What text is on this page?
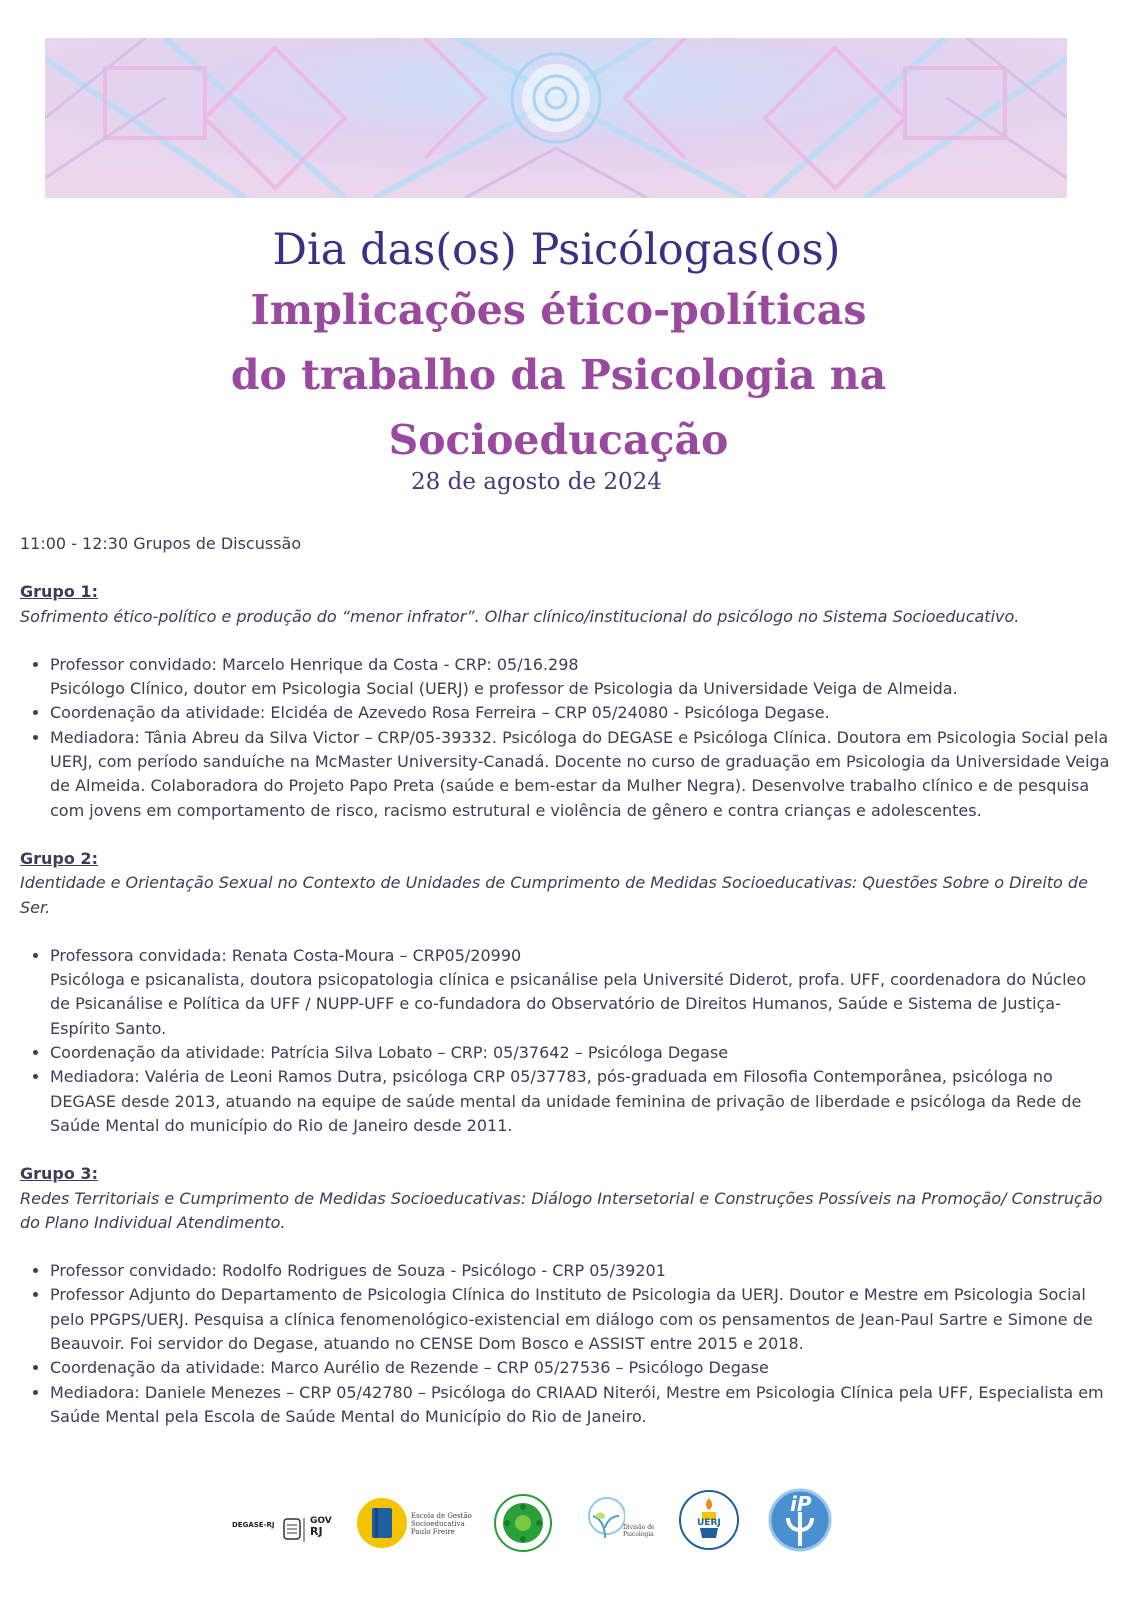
Dia das(os) Psicólogas(os)
Implicações ético-políticas
do trabalho da Psicologia na
Socioeducação
28 de agosto de 2024

11:00 - 12:30 Grupos de Discussão

Grupo 1:

Sofrimento ético-político e produção do “menor infrator”. Olhar clínico/institucional do psicólogo no Sistema Socioeducativo.

• Professor convidado: Marcelo Henrique da Costa - CRP: 05/16.298
Psicólogo Clínico, doutor em Psicologia Social (UERJ) e professor de Psicologia da Universidade Veiga de Almeida.
• Coordenação da atividade: Elcidéa de Azevedo Rosa Ferreira – CRP 05/24080 - Psicóloga Degase.
• Mediadora: Tânia Abreu da Silva Victor – CRP/05-39332. Psicóloga do DEGASE e Psicóloga Clínica. Doutora em Psicologia Social pela UERJ, com período sanduíche na McMaster University-Canadá. Docente no curso de graduação em Psicologia da Universidade Veiga de Almeida. Colaboradora do Projeto Papo Preta (saúde e bem-estar da Mulher Negra). Desenvolve trabalho clínico e de pesquisa com jovens em comportamento de risco, racismo estrutural e violência de gênero e contra crianças e adolescentes.

Grupo 2:

Identidade e Orientação Sexual no Contexto de Unidades de Cumprimento de Medidas Socioeducativas: Questões Sobre o Direito de Ser.

• Professora convidada: Renata Costa-Moura – CRP05/20990
Psicóloga e psicanalista, doutora psicopatologia clínica e psicanálise pela Université Diderot, profa. UFF, coordenadora do Núcleo de Psicanálise e Política da UFF / NUPP-UFF e co-fundadora do Observatório de Direitos Humanos, Saúde e Sistema de Justiça-Espírito Santo.
• Coordenação da atividade: Patrícia Silva Lobato – CRP: 05/37642 – Psicóloga Degase
• Mediadora: Valéria de Leoni Ramos Dutra, psicóloga CRP 05/37783, pós-graduada em Filosofia Contemporânea, psicóloga no DEGASE desde 2013, atuando na equipe de saúde mental da unidade feminina de privação de liberdade e psicóloga da Rede de Saúde Mental do município do Rio de Janeiro desde 2011.

Grupo 3:

Redes Territoriais e Cumprimento de Medidas Socioeducativas: Diálogo Intersetorial e Construções Possíveis na Promoção/ Construção do Plano Individual Atendimento.

• Professor convidado: Rodolfo Rodrigues de Souza - Psicólogo - CRP 05/39201
• Professor Adjunto do Departamento de Psicologia Clínica do Instituto de Psicologia da UERJ. Doutor e Mestre em Psicologia Social pelo PPGPS/UERJ. Pesquisa a clínica fenomenológico-existencial em diálogo com os pensamentos de Jean-Paul Sartre e Simone de Beauvoir. Foi servidor do Degase, atuando no CENSE Dom Bosco e ASSIST entre 2015 e 2018.
• Coordenação da atividade: Marco Aurélio de Rezende – CRP 05/27536 – Psicólogo Degase
• Mediadora: Daniele Menezes – CRP 05/42780 – Psicóloga do CRIAAD Niterói, Mestre em Psicologia Clínica pela UFF, Especialista em Saúde Mental pela Escola de Saúde Mental do Município do Rio de Janeiro.
DEGASE-RJ	GOV
RJ
Escola de Gestão
Socioeducativa
Paulo Freire
Divisão de
Psicologia
UERJ
iP
